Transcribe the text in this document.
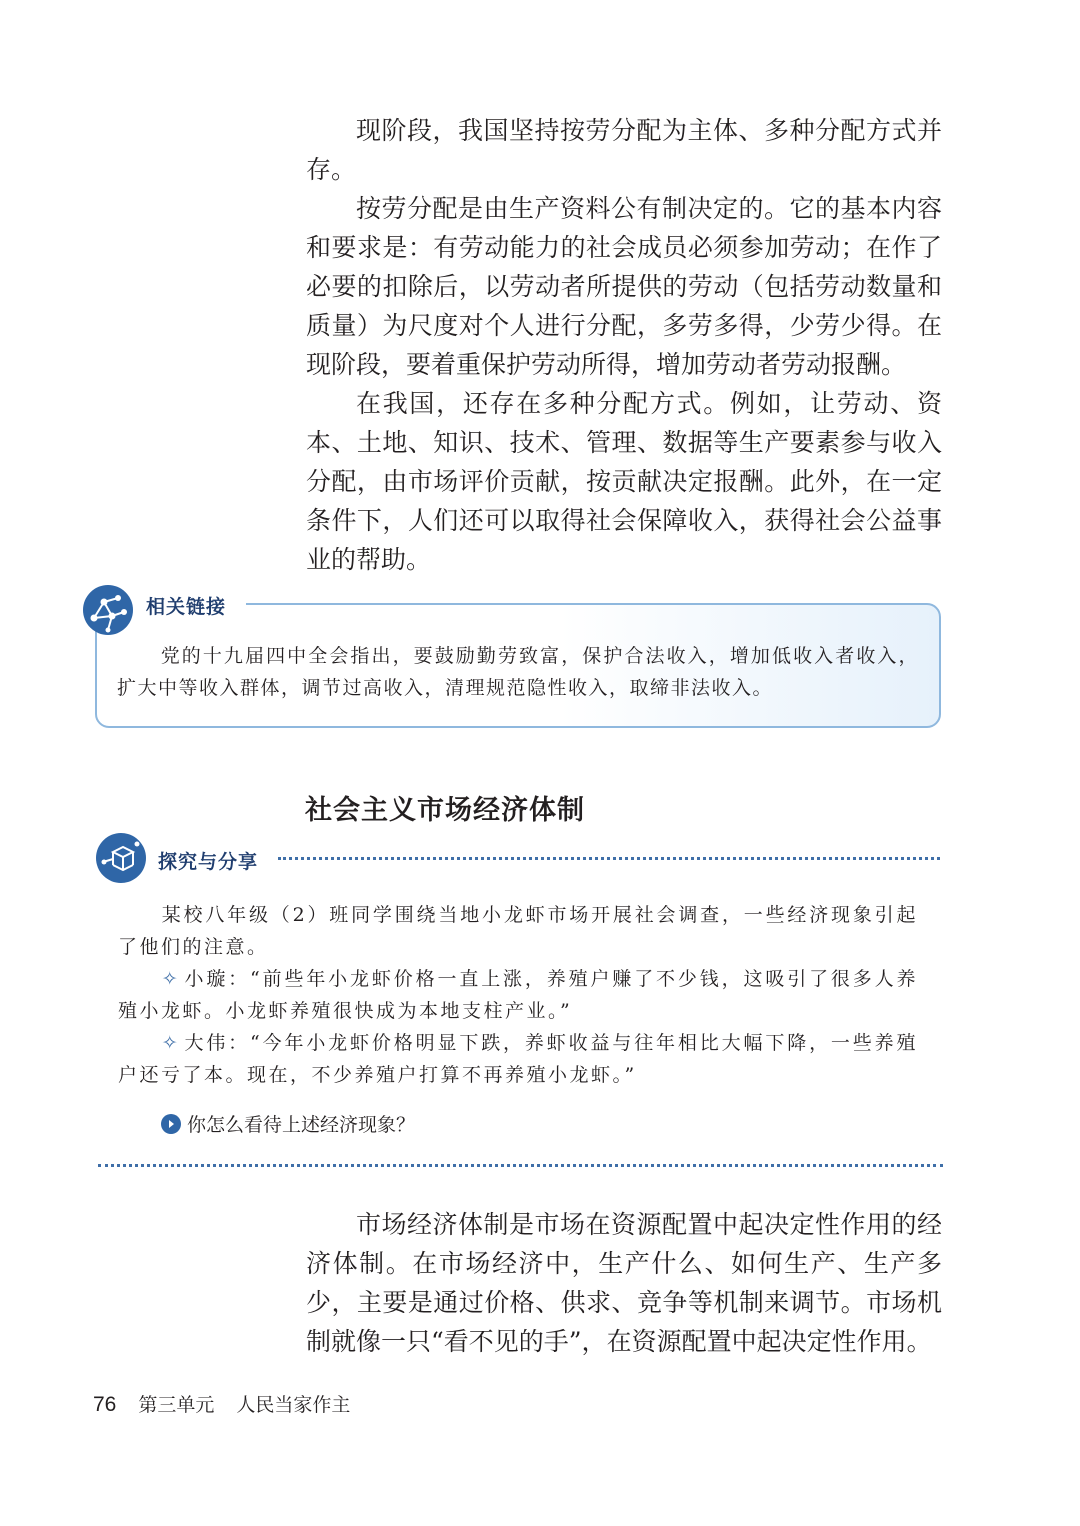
现阶段，我国坚持按劳分配为主体、多种分配方式并存。

按劳分配是由生产资料公有制决定的。它的基本内容和要求是：有劳动能力的社会成员必须参加劳动；在作了必要的扣除后，以劳动者所提供的劳动（包括劳动数量和质量）为尺度对个人进行分配，多劳多得，少劳少得。在现阶段，要着重保护劳动所得，增加劳动者劳动报酬。

在我国，还存在多种分配方式。例如，让劳动、资本、土地、知识、技术、管理、数据等生产要素参与收入分配，由市场评价贡献，按贡献决定报酬。此外，在一定条件下，人们还可以取得社会保障收入，获得社会公益事业的帮助。

相关链接

党的十九届四中全会指出，要鼓励勤劳致富，保护合法收入，增加低收入者收入，扩大中等收入群体，调节过高收入，清理规范隐性收入，取缔非法收入。

社会主义市场经济体制
探究与分享

某校八年级（2）班同学围绕当地小龙虾市场开展社会调查，一些经济现象引起了他们的注意。

✧ 小璇：“前些年小龙虾价格一直上涨，养殖户赚了不少钱，这吸引了很多人养殖小龙虾。小龙虾养殖很快成为本地支柱产业。”

✧ 大伟：“今年小龙虾价格明显下跌，养虾收益与往年相比大幅下降，一些养殖户还亏了本。现在，不少养殖户打算不再养殖小龙虾。”

你怎么看待上述经济现象？

市场经济体制是市场在资源配置中起决定性作用的经济体制。在市场经济中，生产什么、如何生产、生产多少，主要是通过价格、供求、竞争等机制来调节。市场机制就像一只“看不见的手”，在资源配置中起决定性作用。

76 第三单元 人民当家作主
